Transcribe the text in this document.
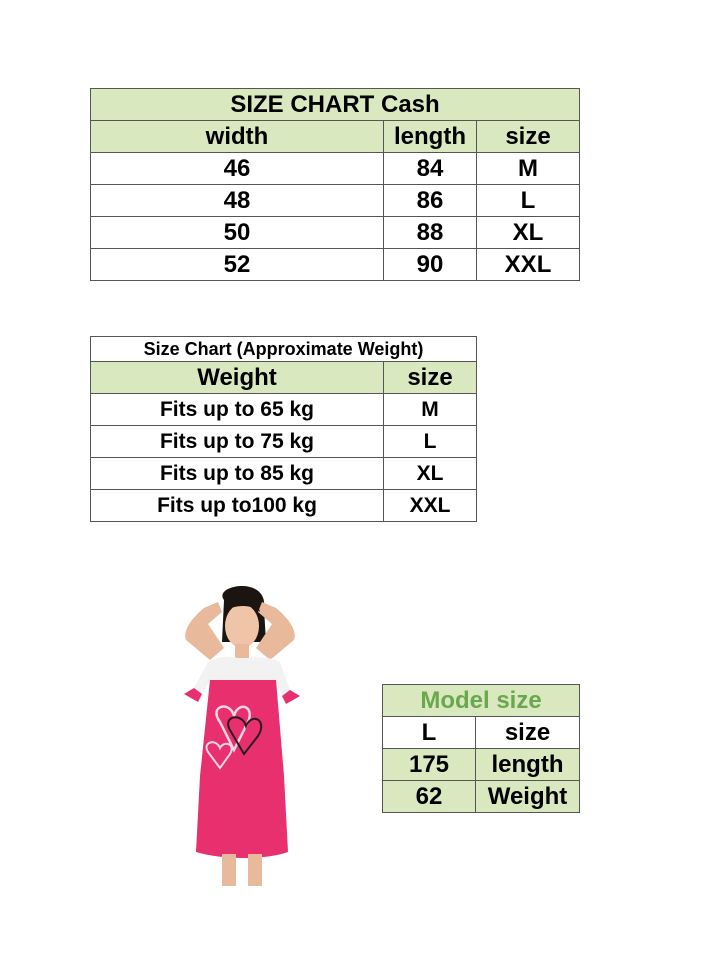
SIZE CHART Cash		
width	length	size
46	84	M
48	86	L
50	88	XL
52	90	XXL
Size Chart (Approximate Weight)	
Weight	size
Fits up to 65 kg	M
Fits up to 75 kg	L
Fits up to 85 kg	XL
Fits up to100 kg	XXL
Model size	
L	size
175	length
62	Weight
